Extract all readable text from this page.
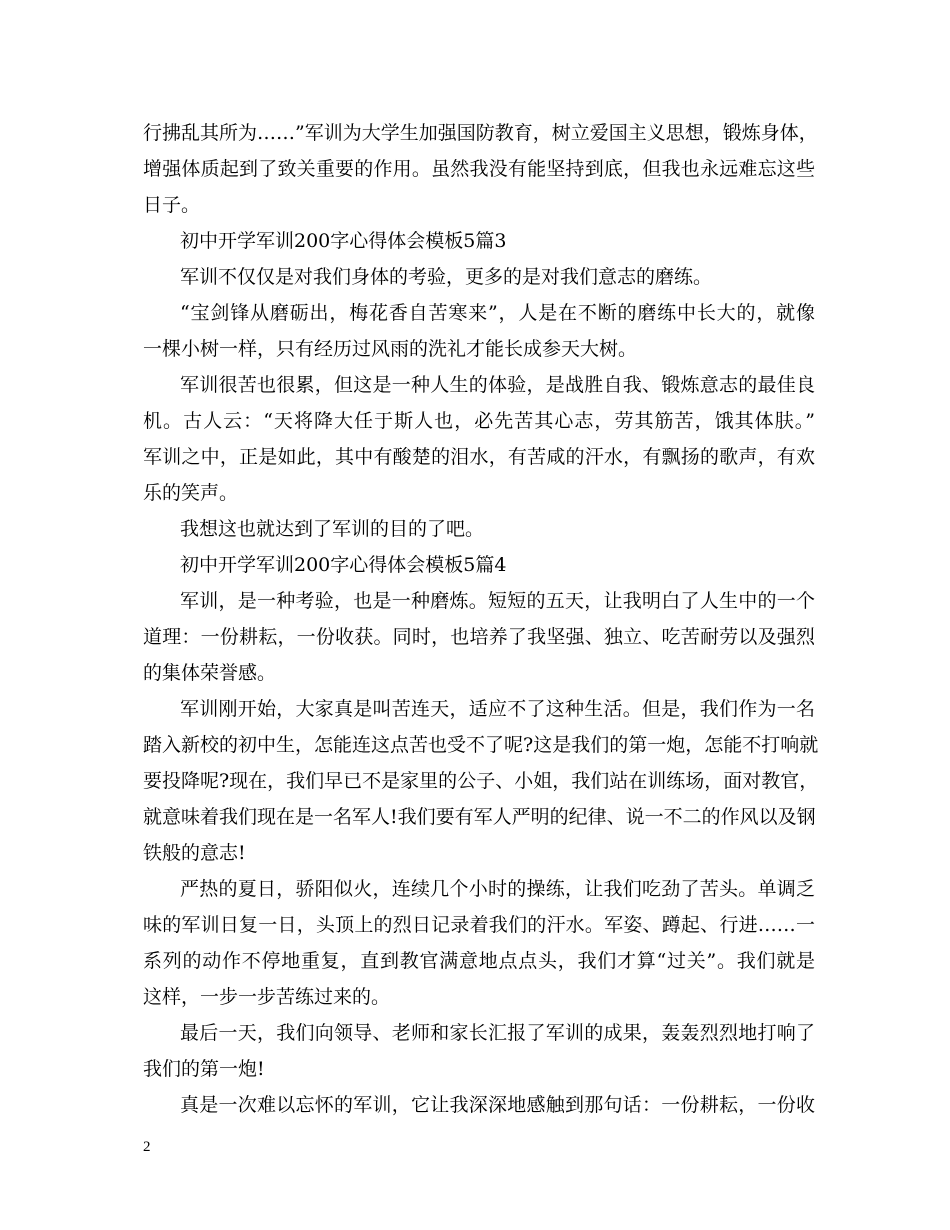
行拂乱其所为……”军训为大学生加强国防教育，树立爱国主义思想，锻炼身体，
增强体质起到了致关重要的作用。虽然我没有能坚持到底，但我也永远难忘这些
日子。
初中开学军训200字心得体会模板5篇3
军训不仅仅是对我们身体的考验，更多的是对我们意志的磨练。
“宝剑锋从磨砺出，梅花香自苦寒来”，人是在不断的磨练中长大的，就像
一棵小树一样，只有经历过风雨的洗礼才能长成参天大树。
军训很苦也很累，但这是一种人生的体验，是战胜自我、锻炼意志的最佳良
机。古人云：“天将降大任于斯人也，必先苦其心志，劳其筋苦，饿其体肤。”
军训之中，正是如此，其中有酸楚的泪水，有苦咸的汗水，有飘扬的歌声，有欢
乐的笑声。
我想这也就达到了军训的目的了吧。
初中开学军训200字心得体会模板5篇4
军训，是一种考验，也是一种磨炼。短短的五天，让我明白了人生中的一个
道理：一份耕耘，一份收获。同时，也培养了我坚强、独立、吃苦耐劳以及强烈
的集体荣誉感。
军训刚开始，大家真是叫苦连天，适应不了这种生活。但是，我们作为一名
踏入新校的初中生，怎能连这点苦也受不了呢?这是我们的第一炮，怎能不打响就
要投降呢?现在，我们早已不是家里的公子、小姐，我们站在训练场，面对教官，
就意味着我们现在是一名军人!我们要有军人严明的纪律、说一不二的作风以及钢
铁般的意志!
严热的夏日，骄阳似火，连续几个小时的操练，让我们吃劲了苦头。单调乏
味的军训日复一日，头顶上的烈日记录着我们的汗水。军姿、蹲起、行进……一
系列的动作不停地重复，直到教官满意地点点头，我们才算“过关”。我们就是
这样，一步一步苦练过来的。
最后一天，我们向领导、老师和家长汇报了军训的成果，轰轰烈烈地打响了
我们的第一炮!
真是一次难以忘怀的军训，它让我深深地感触到那句话：一份耕耘，一份收
2
